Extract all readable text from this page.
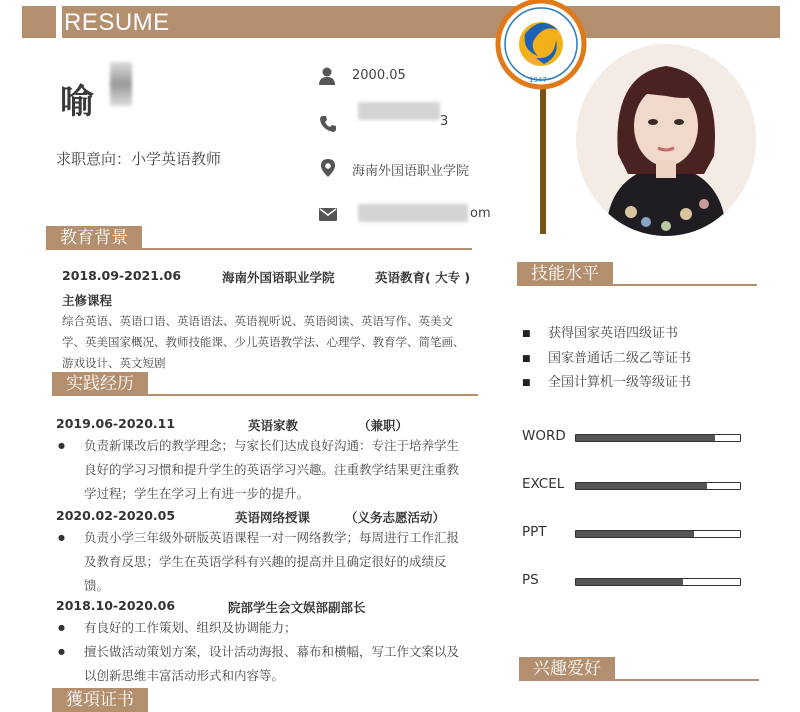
RESUME
喻
求职意向：小学英语教师
2000.05
3
海南外国语职业学院
om
1947
教育背景
2018.09-2021.06	海南外国语职业学院	英语教育( 大专 )
主修课程
综合英语、英语口语、英语语法、英语视听说、英语阅读、英语写作、英美文学、英美国家概况、教师技能课、少儿英语教学法、心理学、教育学、简笔画、游戏设计、英文短剧
实践经历
2019.06-2020.11	英语家教	（兼职）
● 负责新课改后的教学理念；与家长们达成良好沟通：专注于培养学生良好的学习习惯和提升学生的英语学习兴趣。注重教学结果更注重教学过程；学生在学习上有进一步的提升。
2020.02-2020.05	英语网络授课	（义务志愿活动）
● 负责小学三年级外研版英语课程一对一网络教学；每周进行工作汇报及教育反思；学生在英语学科有兴趣的提高并且确定很好的成绩反馈。
2018.10-2020.06	院部学生会文娱部副部长
● 有良好的工作策划、组织及协调能力；
● 擅长做活动策划方案，设计活动海报、幕布和横幅，写工作文案以及以创新思维丰富活动形式和内容等。
獲項证书
技能水平
■ 获得国家英语四级证书
■ 国家普通话二级乙等证书
■ 全国计算机一级等级证书
WORD
EXCEL
PPT
PS
兴趣爱好
